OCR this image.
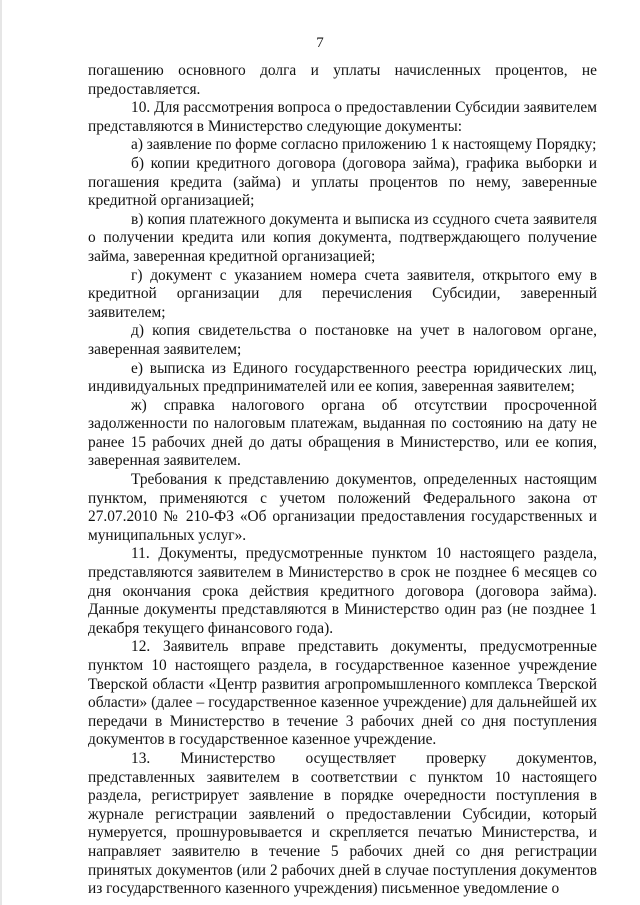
7

погашению основного долга и уплаты начисленных процентов, не предоставляется.

10. Для рассмотрения вопроса о предоставлении Субсидии заявителем представляются в Министерство следующие документы:

а) заявление по форме согласно приложению 1 к настоящему Порядку;

б) копии кредитного договора (договора займа), графика выборки и погашения кредита (займа) и уплаты процентов по нему, заверенные кредитной организацией;

в) копия платежного документа и выписка из ссудного счета заявителя о получении кредита или копия документа, подтверждающего получение займа, заверенная кредитной организацией;

г) документ с указанием номера счета заявителя, открытого ему в кредитной организации для перечисления Субсидии, заверенный заявителем;

д) копия свидетельства о постановке на учет в налоговом органе, заверенная заявителем;

е) выписка из Единого государственного реестра юридических лиц, индивидуальных предпринимателей или ее копия, заверенная заявителем;

ж) справка налогового органа об отсутствии просроченной задолженности по налоговым платежам, выданная по состоянию на дату не ранее 15 рабочих дней до даты обращения в Министерство, или ее копия, заверенная заявителем.

Требования к представлению документов, определенных настоящим пунктом, применяются с учетом положений Федерального закона от 27.07.2010 № 210-ФЗ «Об организации предоставления государственных и муниципальных услуг».

11. Документы, предусмотренные пунктом 10 настоящего раздела, представляются заявителем в Министерство в срок не позднее 6 месяцев со дня окончания срока действия кредитного договора (договора займа). Данные документы представляются в Министерство один раз (не позднее 1 декабря текущего финансового года).

12. Заявитель вправе представить документы, предусмотренные пунктом 10 настоящего раздела, в государственное казенное учреждение Тверской области «Центр развития агропромышленного комплекса Тверской области» (далее – государственное казенное учреждение) для дальнейшей их передачи в Министерство в течение 3 рабочих дней со дня поступления документов в государственное казенное учреждение.

13. Министерство осуществляет проверку документов, представленных заявителем в соответствии с пунктом 10 настоящего раздела, регистрирует заявление в порядке очередности поступления в журнале регистрации заявлений о предоставлении Субсидии, который нумеруется, прошнуровывается и скрепляется печатью Министерства, и направляет заявителю в течение 5 рабочих дней со дня регистрации принятых документов (или 2 рабочих дней в случае поступления документов из государственного казенного учреждения) письменное уведомление о
